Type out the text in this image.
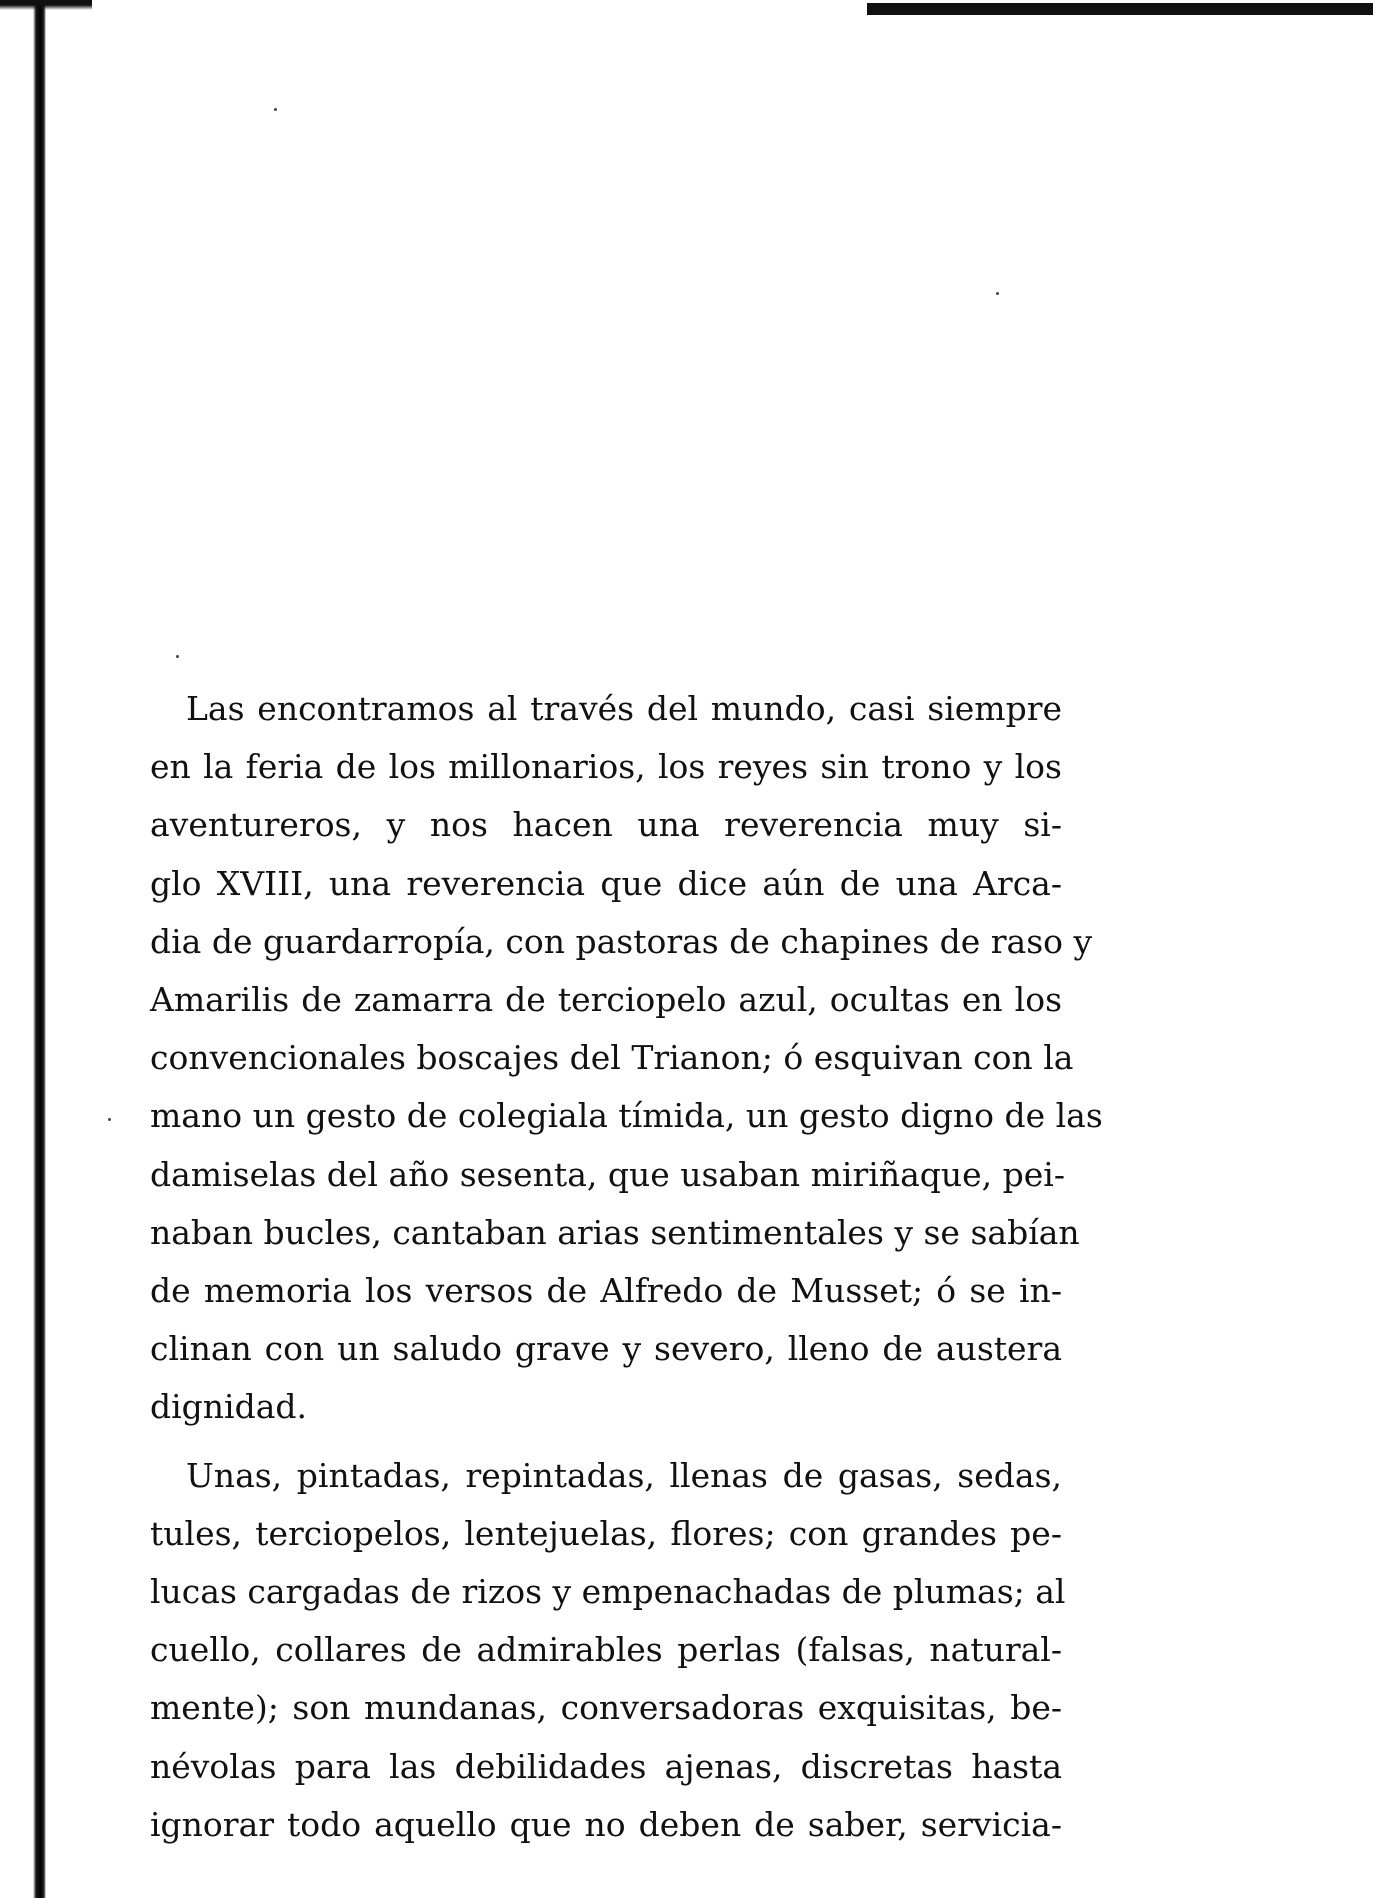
Las encontramos al través del mundo, casi siempre

en la feria de los millonarios, los reyes sin trono y los

aventureros, y nos hacen una reverencia muy si-

glo XVIII, una reverencia que dice aún de una Arca-

dia de guardarropía, con pastoras de chapines de raso y

Amarilis de zamarra de terciopelo azul, ocultas en los

convencionales boscajes del Trianon; ó esquivan con la

mano un gesto de colegiala tímida, un gesto digno de las

damiselas del año sesenta, que usaban miriñaque, pei-

naban bucles, cantaban arias sentimentales y se sabían

de memoria los versos de Alfredo de Musset; ó se in-

clinan con un saludo grave y severo, lleno de austera

dignidad.

Unas, pintadas, repintadas, llenas de gasas, sedas,

tules, terciopelos, lentejuelas, flores; con grandes pe-

lucas cargadas de rizos y empenachadas de plumas; al

cuello, collares de admirables perlas (falsas, natural-

mente); son mundanas, conversadoras exquisitas, be-

névolas para las debilidades ajenas, discretas hasta

ignorar todo aquello que no deben de saber, servicia-
